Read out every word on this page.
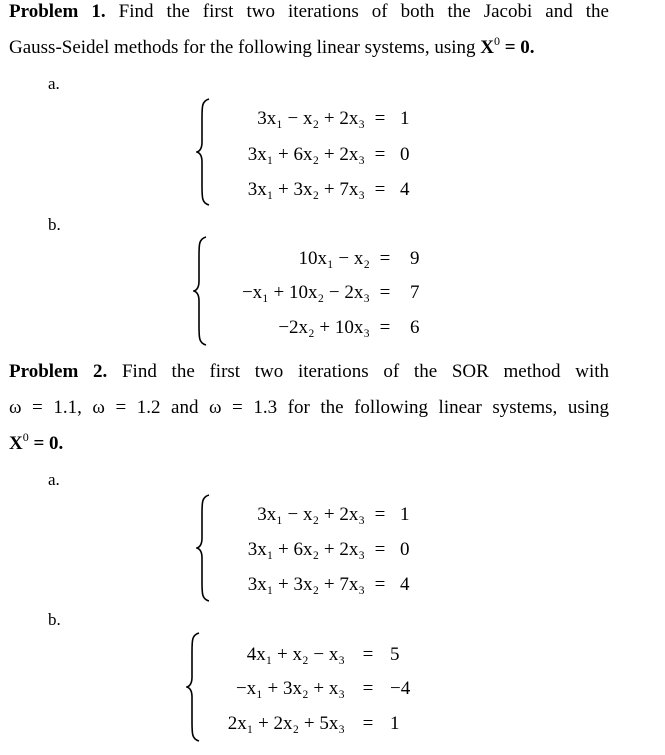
Problem 1. Find the first two iterations of both the Jacobi and the
Gauss-Seidel methods for the following linear systems, using $X^0 = 0$.
a.
3x₁ − x₂ + 2x₃ = 1
3x₁ + 6x₂ + 2x₃ = 0
3x₁ + 3x₂ + 7x₃ = 4
b.
10x₁ − x₂ = 9
−x₁ + 10x₂ − 2x₃ = 7
−2x₂ + 10x₃ = 6
Problem 2. Find the first two iterations of the SOR method with
ω = 1.1, ω = 1.2 and ω = 1.3 for the following linear systems, using
$X^0 = 0$.
a.
3x₁ − x₂ + 2x₃ = 1
3x₁ + 6x₂ + 2x₃ = 0
3x₁ + 3x₂ + 7x₃ = 4
b.
4x₁ + x₂ − x₃ = 5
−x₁ + 3x₂ + x₃ = −4
2x₁ + 2x₂ + 5x₃ = 1
